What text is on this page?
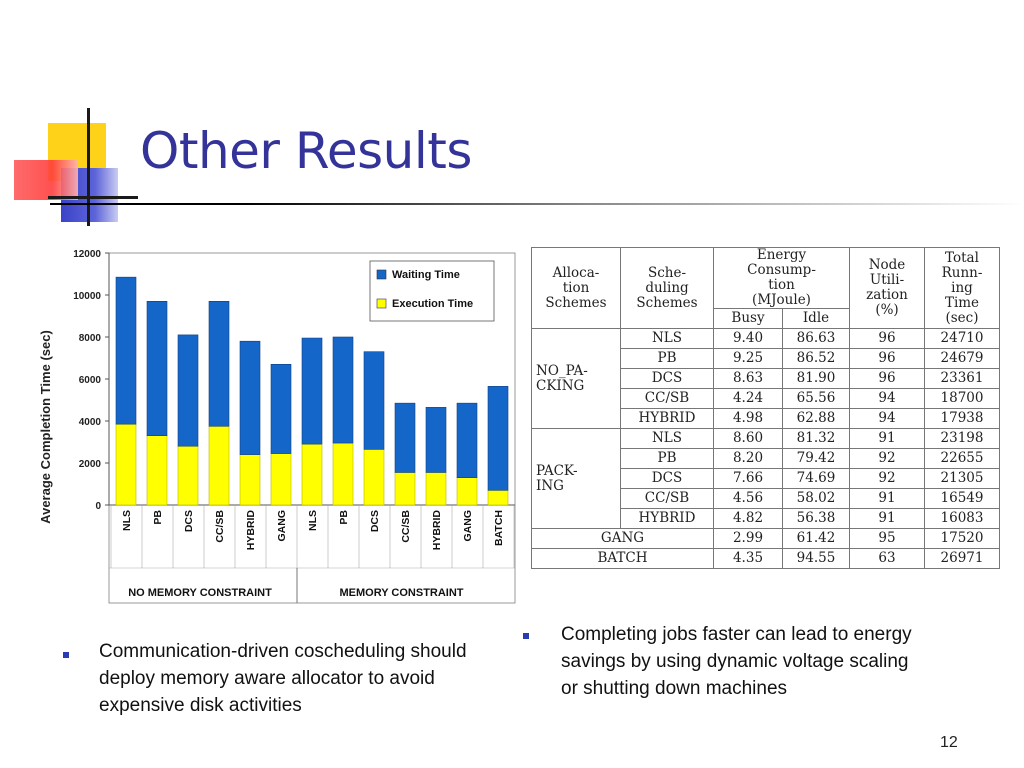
Other Results
0
2000
4000
6000
8000
10000
12000
Average Completion Time (sec)	NLS PB DCS CC/SB HYBRID GANG NLS PB DCS CC/SB HYBRID GANG BATCH
NO MEMORY CONSTRAINT	MEMORY CONSTRAINT
Waiting Time
Execution Time
Alloca-
tion
Schemes	Sche-
duling
Schemes	Energy
Consump-
tion
(MJoule)		Node
Utili-
zation
(%)	Total
Runn-
ing
Time
(sec)
		Busy	Idle		
NO_PA-
CKING	NLS	9.40	86.63	96	24710
	PB	9.25	86.52	96	24679
	DCS	8.63	81.90	96	23361
	CC/SB	4.24	65.56	94	18700
	HYBRID	4.98	62.88	94	17938
PACK-
ING	NLS	8.60	81.32	91	23198
	PB	8.20	79.42	92	22655
	DCS	7.66	74.69	92	21305
	CC/SB	4.56	58.02	91	16549
	HYBRID	4.82	56.38	91	16083
GANG		2.99	61.42	95	17520
BATCH		4.35	94.55	63	26971
Communication-driven coscheduling should deploy memory aware allocator to avoid expensive disk activities
Completing jobs faster can lead to energy savings by using dynamic voltage scaling or shutting down machines
12
